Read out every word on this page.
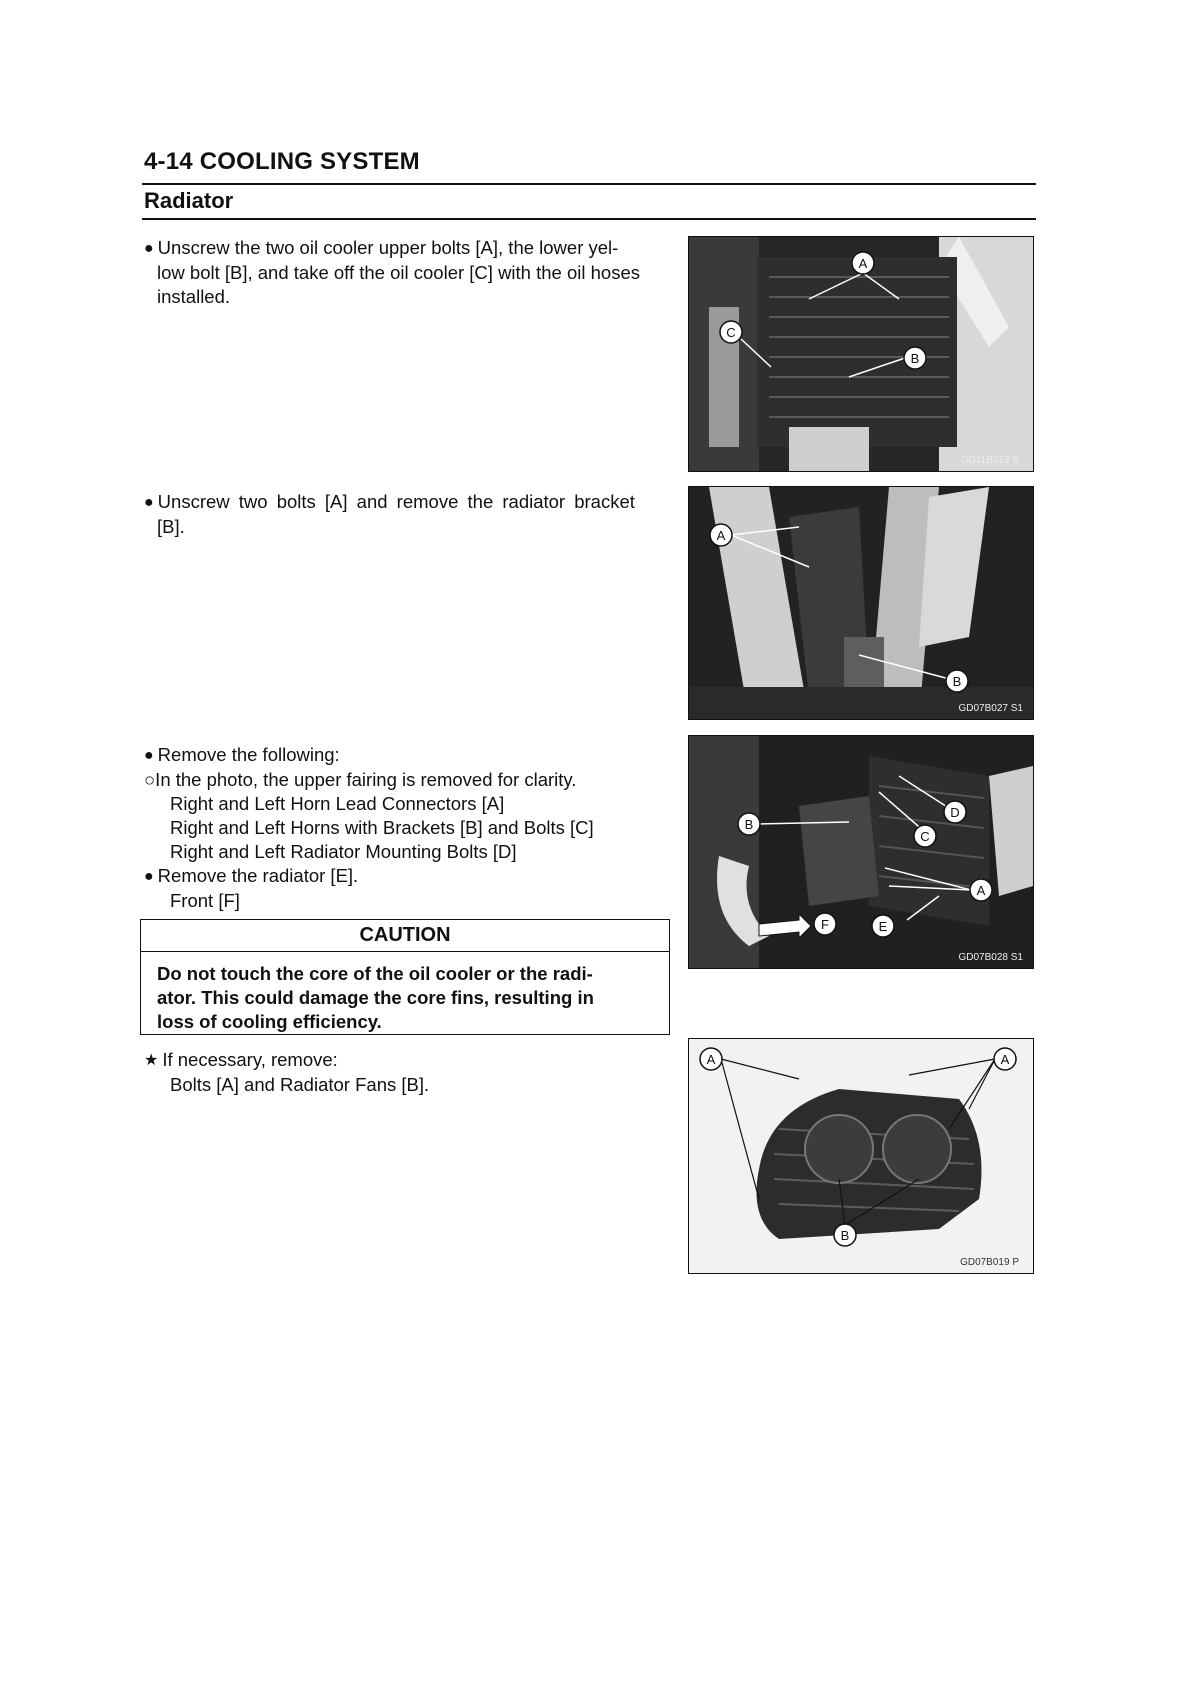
4-14 COOLING SYSTEM
Radiator
● Unscrew the two oil cooler upper bolts [A], the lower yel-
low bolt [B], and take off the oil cooler [C] with the oil hoses
installed.
● Unscrew two bolts [A] and remove the radiator bracket
[B].
● Remove the following:
○In the photo, the upper fairing is removed for clarity.
Right and Left Horn Lead Connectors [A]
Right and Left Horns with Brackets [B] and Bolts [C]
Right and Left Radiator Mounting Bolts [D]
● Remove the radiator [E].
Front [F]
CAUTION
Do not touch the core of the oil cooler or the radi-
ator. This could damage the core fins, resulting in
loss of cooling efficiency.
★ If necessary, remove:
Bolts [A] and Radiator Fans [B].
A
C
B
GD11B012 S
A
B
GD07B027 S1
B
D
C
A
F	E
GD07B028 S1
A	A
B
GD07B019 P
